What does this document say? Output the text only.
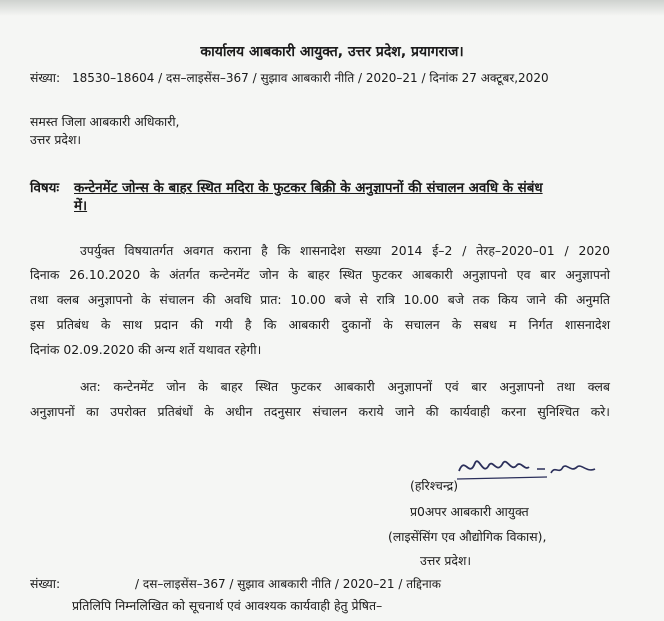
कार्यालय आबकारी आयुक्त, उत्तर प्रदेश, प्रयागराज।
संख्या: 18530–18604 / दस–लाइसेंस–367 / सुझाव आबकारी नीति / 2020–21 / दिनांक 27 अक्टूबर,2020
समस्त जिला आबकारी अधिकारी,
उत्तर प्रदेश।
विषयः कन्टेनमेंट जोन्स के बाहर स्थित मदिरा के फुटकर बिक्री के अनुज्ञापनों की संचालन अवधि के संबंध
में।
उपर्युक्त विषयातर्गत अवगत कराना है कि शासनादेश सख्या 2014 ई–2 / तेरह–2020–01 / 2020
दिनाक 26.10.2020 के अंतर्गत कन्टेनमेंट जोन के बाहर स्थित फुटकर आबकारी अनुज्ञापनो एव बार अनुज्ञापनो
तथा क्लब अनुज्ञापनो के संचालन की अवधि प्रात: 10.00 बजे से रात्रि 10.00 बजे तक किय जाने की अनुमति
इस प्रतिबंध के साथ प्रदान की गयी है कि आबकारी दुकानों के सचालन के सबध म निर्गत शासनादेश
दिनांक 02.09.2020 की अन्य शर्ते यथावत रहेगी।
अत: कन्टेनमेंट जोन के बाहर स्थित फुटकर आबकारी अनुज्ञापनों एवं बार अनुज्ञापनो तथा क्लब
अनुज्ञापनों का उपरोक्त प्रतिबंधों के अधीन तदनुसार संचालन कराये जाने की कार्यवाही करना सुनिश्चित करे।
(हरिश्चन्द्र)
प्र0अपर आबकारी आयुक्त
(लाइसेंसिंग एव औद्योगिक विकास),
उत्तर प्रदेश।
संख्या:	/ दस–लाइसेंस–367 / सुझाव आबकारी नीति / 2020–21 / तद्दिनाक
प्रतिलिपि निम्नलिखित को सूचनार्थ एवं आवश्यक कार्यवाही हेतु प्रेषित–
